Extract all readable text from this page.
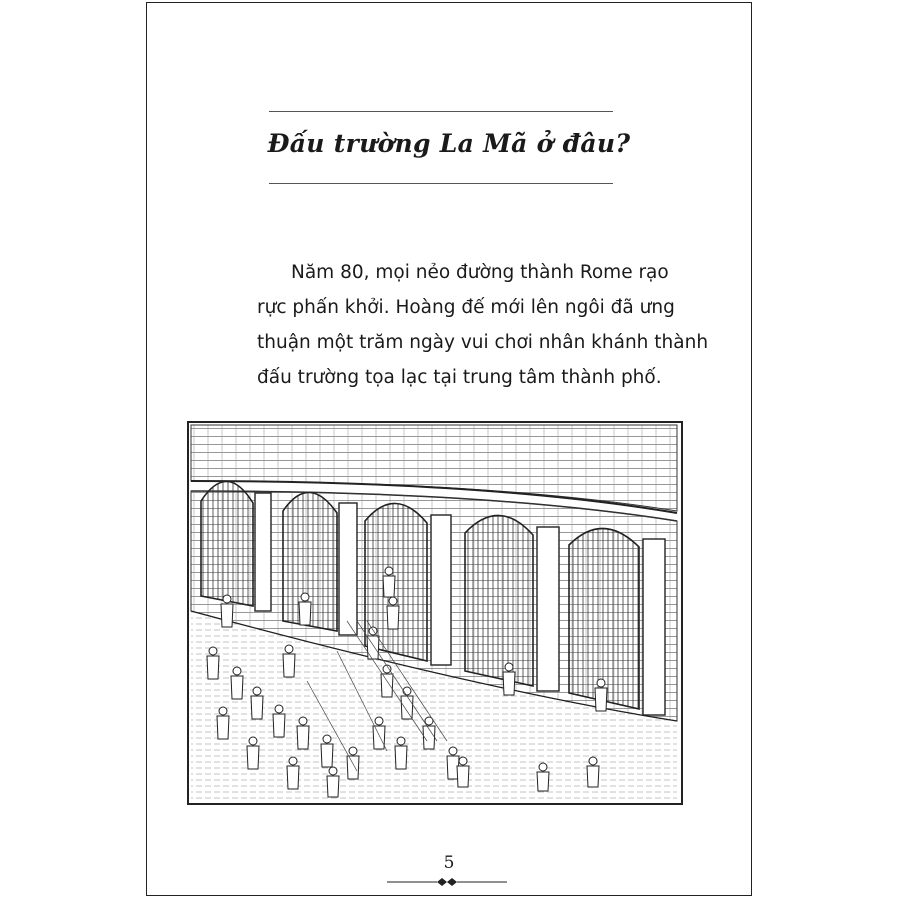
Đấu trường La Mã ở đâu?

Năm 80, mọi nẻo đường thành Rome rạo
rực phấn khởi. Hoàng đế mới lên ngôi đã ưng
thuận một trăm ngày vui chơi nhân khánh thành
đấu trường tọa lạc tại trung tâm thành phố.

5
